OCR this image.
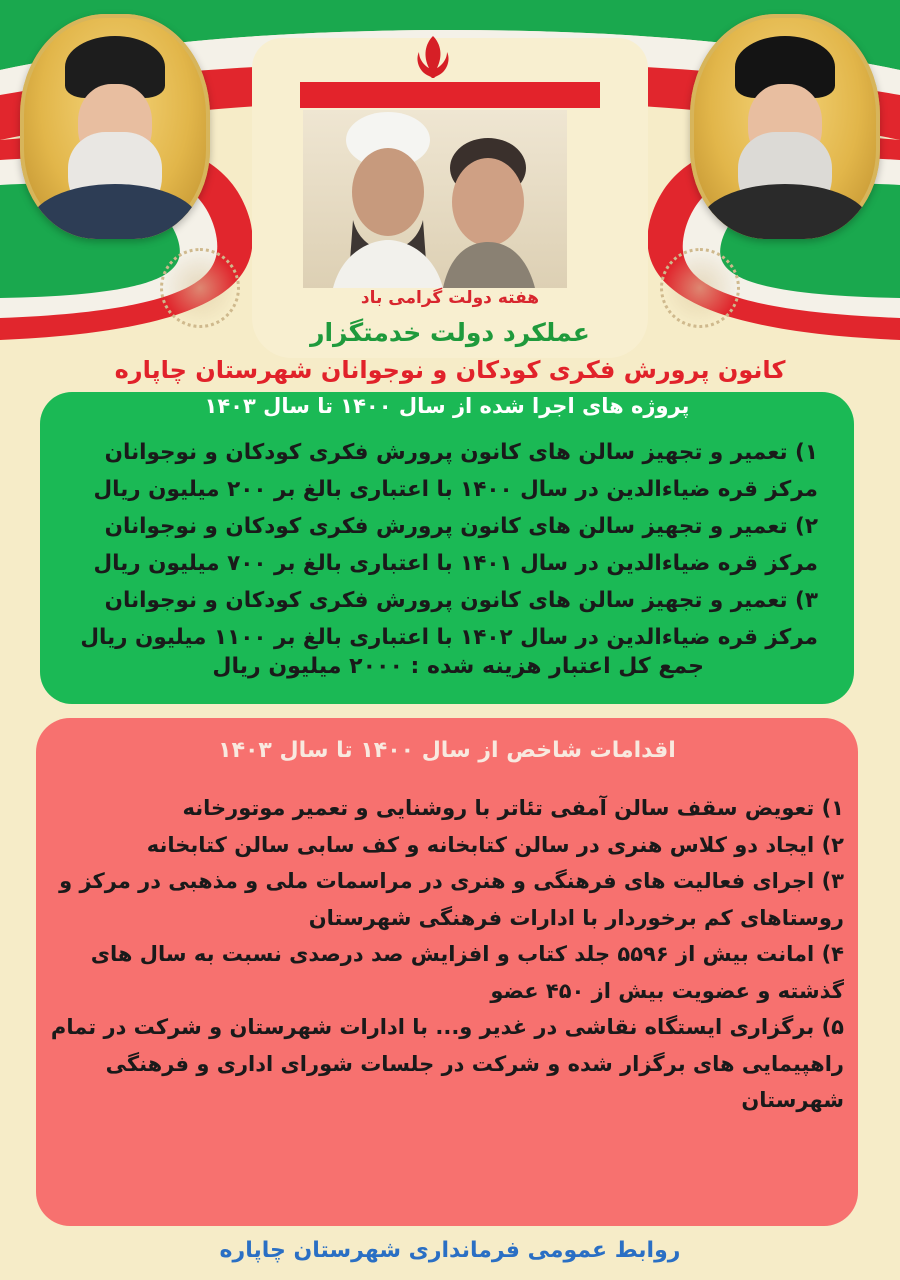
هفته دولت گرامی باد
عملکرد دولت خدمتگزار
کانون پرورش فکری کودکان و نوجوانان شهرستان چاپاره
پروژه های اجرا شده از سال ۱۴۰۰ تا سال ۱۴۰۳
۱) تعمیر و تجهیز سالن های کانون پرورش فکری کودکان و نوجوانان مرکز قره ضیاءالدین در سال ۱۴۰۰ با اعتباری بالغ بر ۲۰۰ میلیون ریال
۲) تعمیر و تجهیز سالن های کانون پرورش فکری کودکان و نوجوانان مرکز قره ضیاءالدین در سال ۱۴۰۱ با اعتباری بالغ بر ۷۰۰ میلیون ریال
۳) تعمیر و تجهیز سالن های کانون پرورش فکری کودکان و نوجوانان مرکز قره ضیاءالدین در سال ۱۴۰۲ با اعتباری بالغ بر ۱۱۰۰ میلیون ریال
جمع کل اعتبار هزینه شده : ۲۰۰۰ میلیون ریال
اقدامات شاخص از سال ۱۴۰۰ تا سال ۱۴۰۳

۱) تعویض سقف سالن آمفی تئاتر با روشنایی و تعمیر موتورخانه

۲) ایجاد دو کلاس هنری در سالن کتابخانه و کف سابی سالن کتابخانه

۳) اجرای فعالیت های فرهنگی و هنری در مراسمات ملی و مذهبی در مرکز و روستاهای کم برخوردار با ادارات فرهنگی شهرستان

۴) امانت بیش از ۵۵۹۶ جلد کتاب و افزایش صد درصدی نسبت به سال های گذشته و عضویت بیش از ۴۵۰ عضو

۵) برگزاری ایستگاه نقاشی در غدیر و... با ادارات شهرستان و شرکت در تمام راهپیمایی های برگزار شده و شرکت در جلسات شورای اداری و فرهنگی شهرستان

روابط عمومی فرمانداری شهرستان چاپاره
